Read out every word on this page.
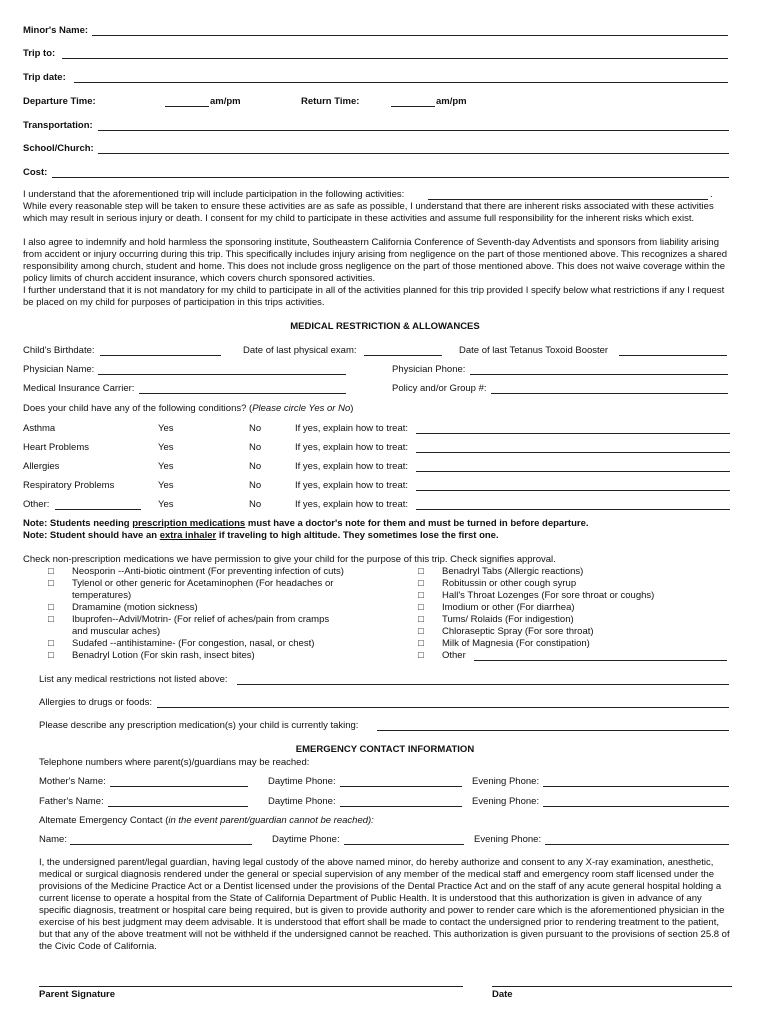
Minor's Name:
Trip to:
Trip date:
Departure Time:	am/pm	Return Time:	am/pm
Transportation:
School/Church:
Cost:
I understand that the aforementioned trip will include participation in the following activities:	.
While every reasonable step will be taken to ensure these activities are as safe as possible, I understand that there are inherent risks associated with these activities which may result in serious injury or death. I consent for my child to participate in these activities and assume full responsibility for the inherent risks which exist.
I also agree to indemnify and hold harmless the sponsoring institute, Southeastern California Conference of Seventh-day Adventists and sponsors from liability arising from accident or injury occurring during this trip. This specifically includes injury arising from negligence on the part of those mentioned above. This recognizes a shared responsibility among church, student and home. This does not include gross negligence on the part of those mentioned above. This does not waive coverage within the policy limits of church accident insurance, which covers church sponsored activities.
I further understand that it is not mandatory for my child to participate in all of the activities planned for this trip provided I specify below what restrictions if any I request be placed on my child for purposes of participation in this trips activities.
MEDICAL RESTRICTION & ALLOWANCES
Child's Birthdate:	Date of last physical exam:	Date of last Tetanus Toxoid Booster
Physician Name:	Physician Phone:
Medical Insurance Carrier:	Policy and/or Group #:
Does your child have any of the following conditions? (Please circle Yes or No)
Asthma	Yes	No	If yes, explain how to treat:
Heart Problems	Yes	No	If yes, explain how to treat:
Allergies	Yes	No	If yes, explain how to treat:
Respiratory Problems	Yes	No	If yes, explain how to treat:
Other:	Yes	No	If yes, explain how to treat:
Note: Students needing prescription medications must have a doctor's note for them and must be turned in before departure.
Note: Student should have an extra inhaler if traveling to high altitude. They sometimes lose the first one.
Check non-prescription medications we have permission to give your child for the purpose of this trip. Check signifies approval.
□ Neosporin --Anti-biotic ointment (For preventing infection of cuts)
□ Tylenol or other generic for Acetaminophen (For headaches or
temperatures)
□ Dramamine (motion sickness)
□ Ibuprofen--Advil/Motrin- (For relief of aches/pain from cramps
and muscular aches)
□ Sudafed --antihistamine- (For congestion, nasal, or chest)
□ Benadryl Lotion (For skin rash, insect bites)
□ Benadryl Tabs (Allergic reactions)
□ Robitussin or other cough syrup
□ Hall's Throat Lozenges (For sore throat or coughs)
□ Imodium or other (For diarrhea)
□ Tums/ Rolaids (For indigestion)
□ Chloraseptic Spray (For sore throat)
□ Milk of Magnesia (For constipation)
□ Other
List any medical restrictions not listed above:
Allergies to drugs or foods:
Please describe any prescription medication(s) your child is currently taking:
EMERGENCY CONTACT INFORMATION
Telephone numbers where parent(s)/guardians may be reached:
Mother's Name:	Daytime Phone:	Evening Phone:
Father's Name:	Daytime Phone:	Evening Phone:
Altemate Emergency Contact (in the event parent/guardian cannot be reached):
Name:	Daytime Phone:	Evening Phone:
I, the undersigned parent/legal guardian, having legal custody of the above named minor, do hereby authorize and consent to any X-ray examination, anesthetic, medical or surgical diagnosis rendered under the general or special supervision of any member of the medical staff and emergency room staff licensed under the provisions of the Medicine Practice Act or a Dentist licensed under the provisions of the Dental Practice Act and on the staff of any acute general hospital holding a current license to operate a hospital from the State of California Department of Public Health. It is understood that this authorization is given in advance of any specific diagnosis, treatment or hospital care being required, but is given to provide authority and power to render care which is the aforementioned physician in the exercise of his best judgment may deem advisable. It is understood that effort shall be made to contact the undersigned prior to rendering treatment to the patient, but that any of the above treatment will not be withheld if the undersigned cannot be reached. This authorization is given pursuant to the provisions of section 25.8 of the Civic Code of California.
Parent Signature	Date
